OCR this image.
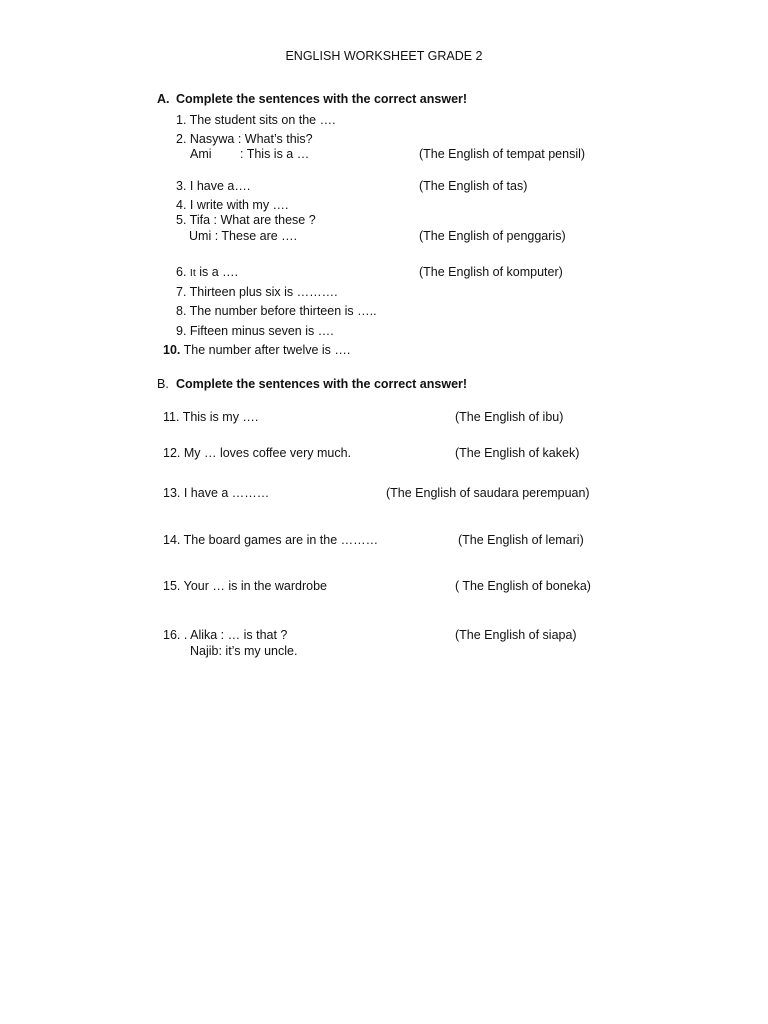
ENGLISH WORKSHEET GRADE 2
A. Complete the sentences with the correct answer!
1. The student sits on the ….
2. Nasywa : What’s this?
Ami : This is a …	(The English of tempat pensil)
3. I have a….	(The English of tas)
4. I write with my ….
5. Tifa : What are these ?
Umi : These are ….	(The English of penggaris)
6. It is a ….	(The English of komputer)
7. Thirteen plus six is ……….
8. The number before thirteen is …..
9. Fifteen minus seven is ….
10. The number after twelve is ….
B. Complete the sentences with the correct answer!
11. This is my ….	(The English of ibu)
12. My … loves coffee very much.	(The English of kakek)
13. I have a ………	(The English of saudara perempuan)
14. The board games are in the ………	(The English of lemari)
15. Your … is in the wardrobe	( The English of boneka)
16. . Alika : … is that ?
Najib: it’s my uncle.
(The English of siapa)
